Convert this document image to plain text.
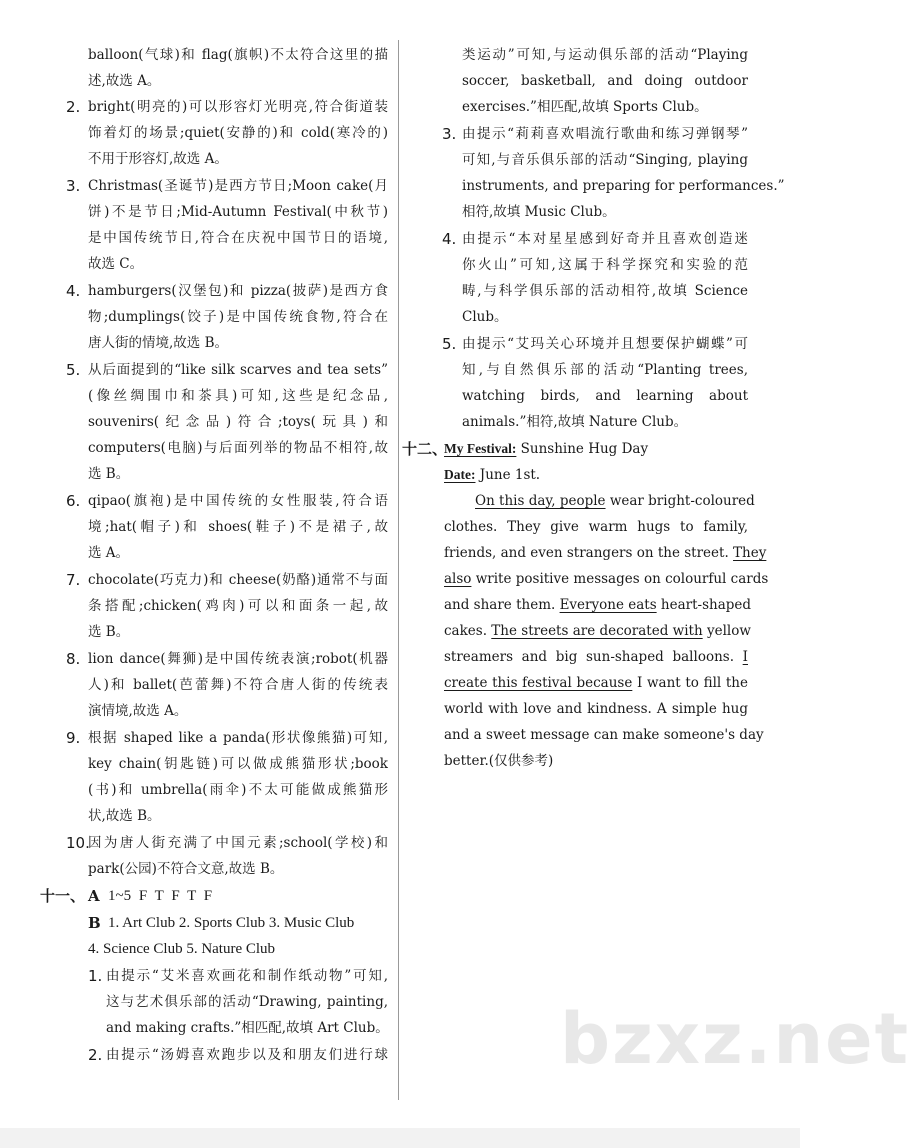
balloon(气球)和 flag(旗帜)不太符合这里的描
述,故选 A。
2. bright(明亮的)可以形容灯光明亮,符合街道装
饰着灯的场景;quiet(安静的)和 cold(寒冷的)
不用于形容灯,故选 A。
3. Christmas(圣诞节)是西方节日;Moon cake(月
饼)不是节日;Mid-Autumn Festival(中秋节)
是中国传统节日,符合在庆祝中国节日的语境,
故选 C。
4. hamburgers(汉堡包)和 pizza(披萨)是西方食
物;dumplings(饺子)是中国传统食物,符合在
唐人街的情境,故选 B。
5. 从后面提到的“like silk scarves and tea sets”
(像丝绸围巾和茶具)可知,这些是纪念品,
souvenirs(纪念品)符合;toys(玩具)和
computers(电脑)与后面列举的物品不相符,故
选 B。
6. qipao(旗袍)是中国传统的女性服装,符合语
境;hat(帽子)和 shoes(鞋子)不是裙子,故
选 A。
7. chocolate(巧克力)和 cheese(奶酪)通常不与面
条搭配;chicken(鸡肉)可以和面条一起,故
选 B。
8. lion dance(舞狮)是中国传统表演;robot(机器
人)和 ballet(芭蕾舞)不符合唐人街的传统表
演情境,故选 A。
9. 根据 shaped like a panda(形状像熊猫)可知,
key chain(钥匙链)可以做成熊猫形状;book
(书)和 umbrella(雨伞)不太可能做成熊猫形
状,故选 B。
10.
因为唐人街充满了中国元素;school(学校)和
park(公园)不符合文意,故选 B。
十一、 A 1~5 F T F T F
B 1. Art Club 2. Sports Club 3. Music Club
4. Science Club 5. Nature Club
1. 由提示“艾米喜欢画花和制作纸动物”可知,
这与艺术俱乐部的活动“Drawing, painting,
and making crafts.”相匹配,故填 Art Club。
2. 由提示“汤姆喜欢跑步以及和朋友们进行球
类运动”可知,与运动俱乐部的活动“Playing
soccer, basketball, and doing outdoor
exercises.”相匹配,故填 Sports Club。
3. 由提示“莉莉喜欢唱流行歌曲和练习弹钢琴”
可知,与音乐俱乐部的活动“Singing, playing
instruments, and preparing for performances.”
相符,故填 Music Club。
4. 由提示“本对星星感到好奇并且喜欢创造迷
你火山”可知,这属于科学探究和实验的范
畴,与科学俱乐部的活动相符,故填 Science
Club。
5. 由提示“艾玛关心环境并且想要保护蝴蝶”可
知,与自然俱乐部的活动“Planting trees,
watching birds, and learning about
animals.”相符,故填 Nature Club。
十二、
My Festival: Sunshine Hug Day
Date: June 1st.
On this day, people wear bright-coloured
clothes. They give warm hugs to family,
friends, and even strangers on the street. They
also write positive messages on colourful cards
and share them. Everyone eats heart-shaped
cakes. The streets are decorated with yellow
streamers and big sun-shaped balloons. I
create this festival because I want to fill the
world with love and kindness. A simple hug
and a sweet message can make someone's day
better.(仅供参考)
bzxz.net
